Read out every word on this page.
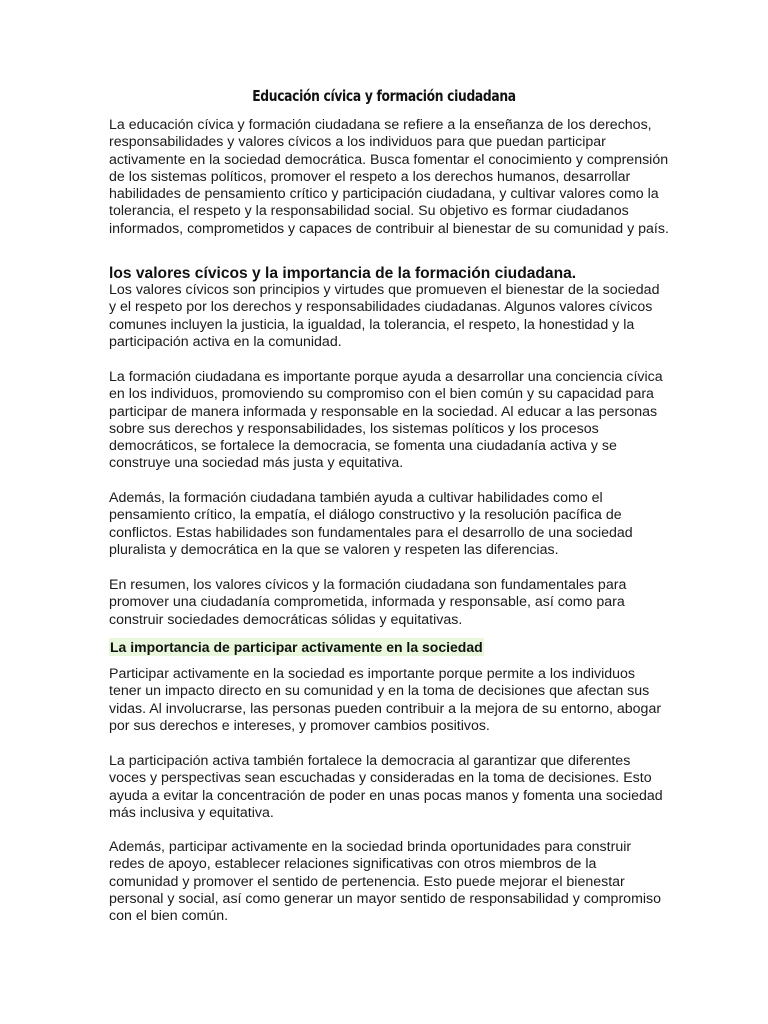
Educación cívica y formación ciudadana
La educación cívica y formación ciudadana se refiere a la enseñanza de los derechos, responsabilidades y valores cívicos a los individuos para que puedan participar activamente en la sociedad democrática. Busca fomentar el conocimiento y comprensión de los sistemas políticos, promover el respeto a los derechos humanos, desarrollar habilidades de pensamiento crítico y participación ciudadana, y cultivar valores como la tolerancia, el respeto y la responsabilidad social. Su objetivo es formar ciudadanos informados, comprometidos y capaces de contribuir al bienestar de su comunidad y país.
los valores cívicos y la importancia de la formación ciudadana.
Los valores cívicos son principios y virtudes que promueven el bienestar de la sociedad y el respeto por los derechos y responsabilidades ciudadanas. Algunos valores cívicos comunes incluyen la justicia, la igualdad, la tolerancia, el respeto, la honestidad y la participación activa en la comunidad.
La formación ciudadana es importante porque ayuda a desarrollar una conciencia cívica en los individuos, promoviendo su compromiso con el bien común y su capacidad para participar de manera informada y responsable en la sociedad. Al educar a las personas sobre sus derechos y responsabilidades, los sistemas políticos y los procesos democráticos, se fortalece la democracia, se fomenta una ciudadanía activa y se construye una sociedad más justa y equitativa.
Además, la formación ciudadana también ayuda a cultivar habilidades como el pensamiento crítico, la empatía, el diálogo constructivo y la resolución pacífica de conflictos. Estas habilidades son fundamentales para el desarrollo de una sociedad pluralista y democrática en la que se valoren y respeten las diferencias.
En resumen, los valores cívicos y la formación ciudadana son fundamentales para promover una ciudadanía comprometida, informada y responsable, así como para construir sociedades democráticas sólidas y equitativas.
La importancia de participar activamente en la sociedad
Participar activamente en la sociedad es importante porque permite a los individuos tener un impacto directo en su comunidad y en la toma de decisiones que afectan sus vidas. Al involucrarse, las personas pueden contribuir a la mejora de su entorno, abogar por sus derechos e intereses, y promover cambios positivos.
La participación activa también fortalece la democracia al garantizar que diferentes voces y perspectivas sean escuchadas y consideradas en la toma de decisiones. Esto ayuda a evitar la concentración de poder en unas pocas manos y fomenta una sociedad más inclusiva y equitativa.
Además, participar activamente en la sociedad brinda oportunidades para construir redes de apoyo, establecer relaciones significativas con otros miembros de la comunidad y promover el sentido de pertenencia. Esto puede mejorar el bienestar personal y social, así como generar un mayor sentido de responsabilidad y compromiso con el bien común.
